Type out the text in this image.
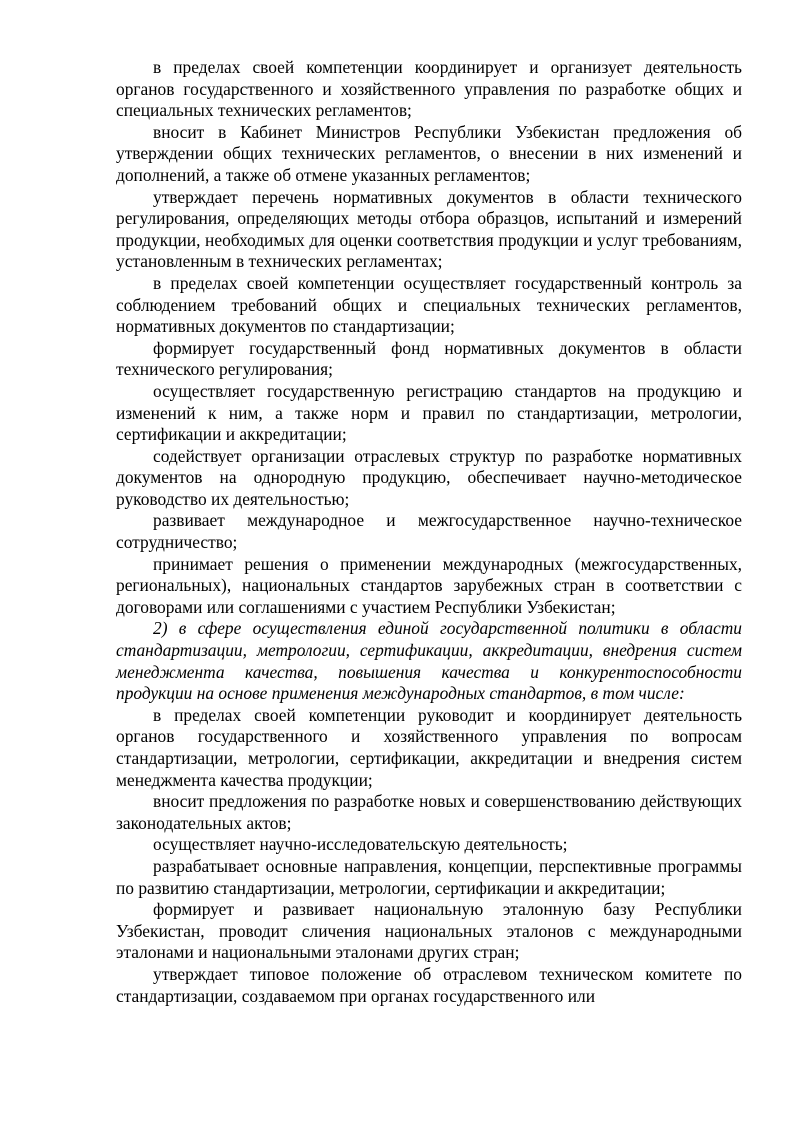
в пределах своей компетенции координирует и организует деятельность органов государственного и хозяйственного управления по разработке общих и специальных технических регламентов;

вносит в Кабинет Министров Республики Узбекистан предложения об утверждении общих технических регламентов, о внесении в них изменений и дополнений, а также об отмене указанных регламентов;

утверждает перечень нормативных документов в области технического регулирования, определяющих методы отбора образцов, испытаний и измерений продукции, необходимых для оценки соответствия продукции и услуг требованиям, установленным в технических регламентах;

в пределах своей компетенции осуществляет государственный контроль за соблюдением требований общих и специальных технических регламентов, нормативных документов по стандартизации;

формирует государственный фонд нормативных документов в области технического регулирования;

осуществляет государственную регистрацию стандартов на продукцию и изменений к ним, а также норм и правил по стандартизации, метрологии, сертификации и аккредитации;

содействует организации отраслевых структур по разработке нормативных документов на однородную продукцию, обеспечивает научно-методическое руководство их деятельностью;

развивает международное и межгосударственное научно-техническое сотрудничество;

принимает решения о применении международных (межгосударственных, региональных), национальных стандартов зарубежных стран в соответствии с договорами или соглашениями с участием Республики Узбекистан;

2) в сфере осуществления единой государственной политики в области стандартизации, метрологии, сертификации, аккредитации, внедрения систем менеджмента качества, повышения качества и конкурентоспособности продукции на основе применения международных стандартов, в том числе:

в пределах своей компетенции руководит и координирует деятельность органов государственного и хозяйственного управления по вопросам стандартизации, метрологии, сертификации, аккредитации и внедрения систем менеджмента качества продукции;

вносит предложения по разработке новых и совершенствованию действующих законодательных актов;

осуществляет научно-исследовательскую деятельность;

разрабатывает основные направления, концепции, перспективные программы по развитию стандартизации, метрологии, сертификации и аккредитации;

формирует и развивает национальную эталонную базу Республики Узбекистан, проводит сличения национальных эталонов с международными эталонами и национальными эталонами других стран;

утверждает типовое положение об отраслевом техническом комитете по стандартизации, создаваемом при органах государственного или
